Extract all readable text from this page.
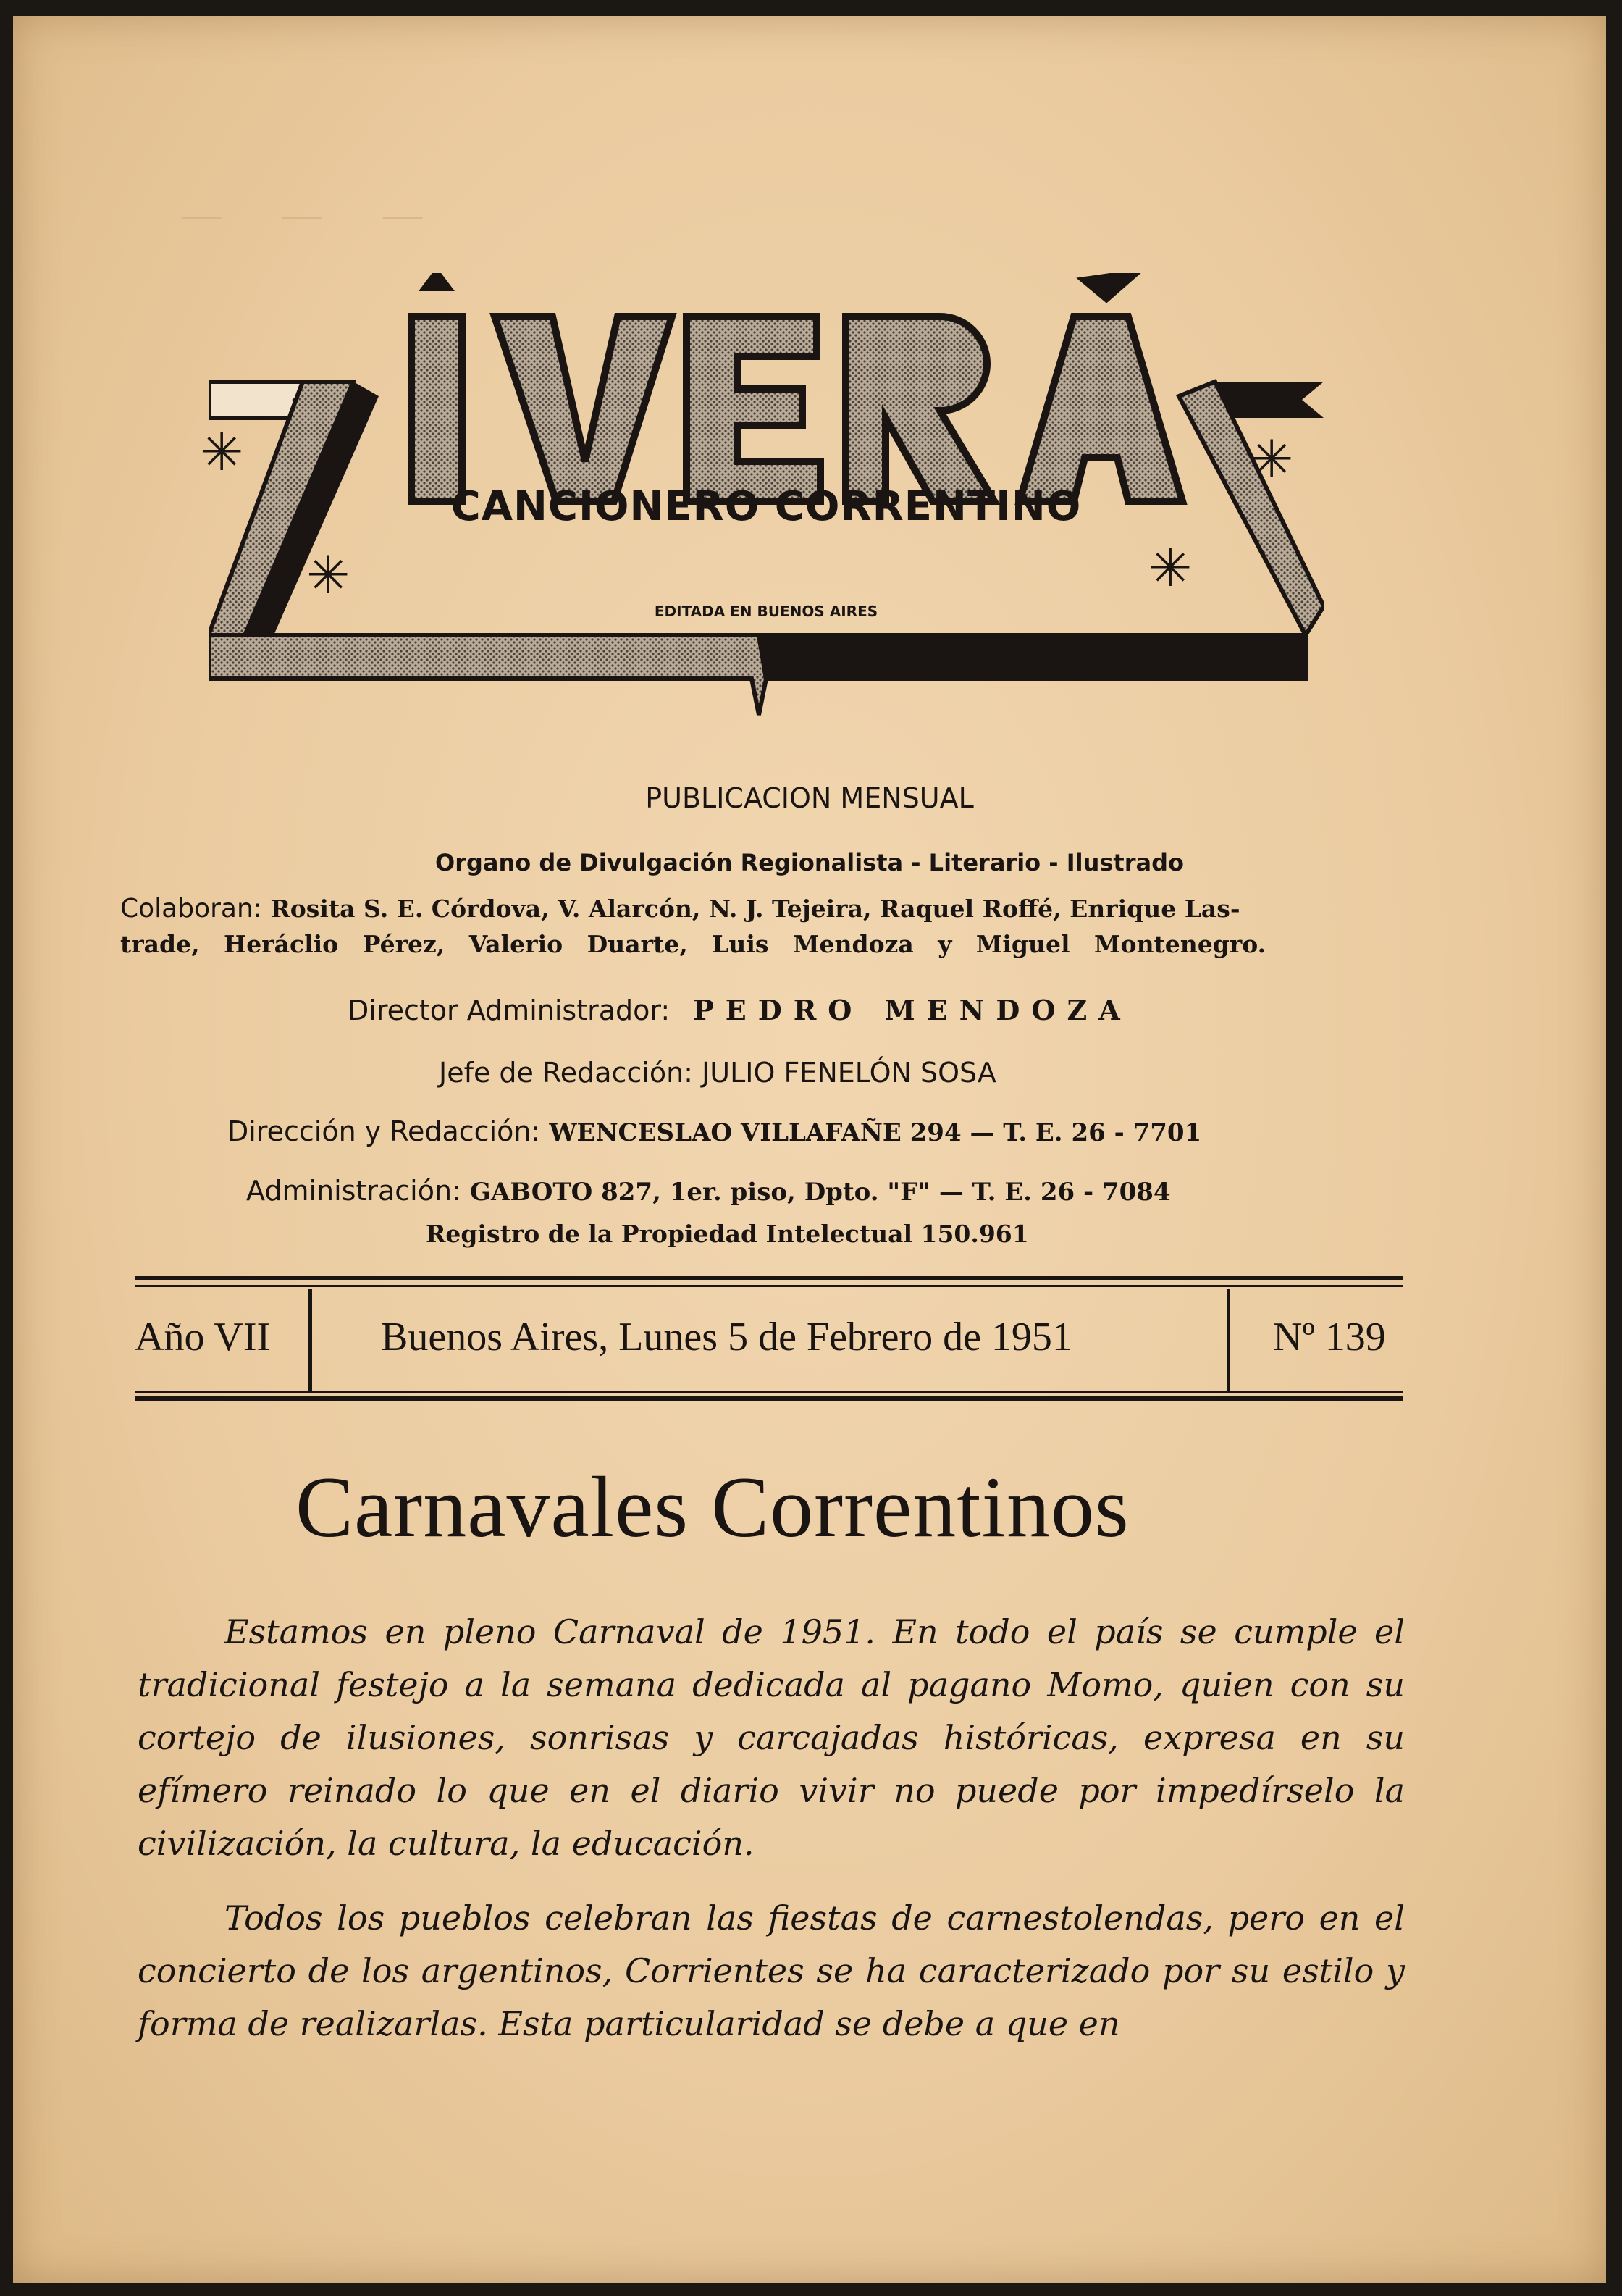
— — —
CANCIONERO CORRENTINO
EDITADA EN BUENOS AIRES
✳
✳	✳
✳
PUBLICACION MENSUAL
Organo de Divulgación Regionalista - Literario - Ilustrado
Colaboran: Rosita S. E. Córdova, V. Alarcón, N. J. Tejeira, Raquel Roffé, Enrique Las-
trade, Heráclio Pérez, Valerio Duarte, Luis Mendoza y Miguel Montenegro.
Director Administrador: PEDRO MENDOZA
Jefe de Redacción: JULIO FENELÓN SOSA
Dirección y Redacción: WENCESLAO VILLAFAÑE 294 — T. E. 26 - 7701
Administración: GABOTO 827, 1er. piso, Dpto. "F" — T. E. 26 - 7084
Registro de la Propiedad Intelectual 150.961
Año VII	Buenos Aires, Lunes 5 de Febrero de 1951	Nº 139
Carnavales Correntinos

Estamos en pleno Carnaval de 1951. En todo el país se cumple el tradicional festejo a la semana dedicada al pagano Momo, quien con su cortejo de ilusiones, sonrisas y carcajadas históricas, expresa en su efímero reinado lo que en el diario vivir no puede por impedírselo la civilización, la cultura, la educación.

Todos los pueblos celebran las fiestas de carnestolendas, pero en el concierto de los argentinos, Corrientes se ha caracterizado por su estilo y forma de realizarlas. Esta particularidad se debe a que en
